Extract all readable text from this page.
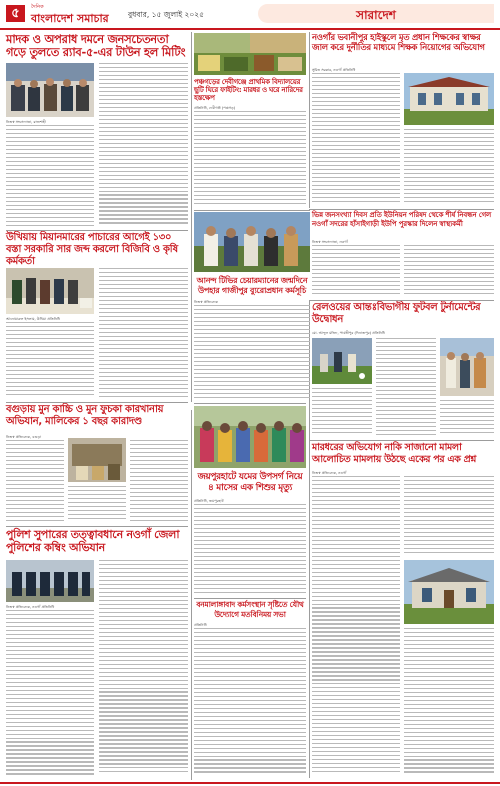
৫	দৈনিক
বাংলাদেশ সমাচার	বুধবার, ১৫ জুলাই ২০২৫	সারাদেশ
মাদক ও অপরাধ দমনে জনসচেতনতা গড়ে তুলতে র‍্যাব-৫-এর টাউন হল মিটিং
নিজস্ব সংবাদদাতা, রাজশাহী
পঞ্চগড়ের দেবীগঞ্জে প্রাথমিক বিদ্যালয়ের ছুটি ঘিরে ফাইটিং: মারধর ও ঘরে নারিদের হস্তক্ষেপ
প্রতিনিধি, দেবীগঞ্জ (পঞ্চগড়)
নওগাঁর ভবানীপুর হাইস্কুলে মৃত প্রধান শিক্ষকের স্বাক্ষর জাল করে দুর্নীতির মাধ্যমে শিক্ষক নিয়োগের অভিযোগ
সুমিত সরকার, নওগাঁ প্রতিনিধি
ভিন্ন জনসংখ্যা দিবস প্রতি ইউনিয়ন পরিষদ থেকে শীর্ষ নিবন্ধন গেল নওগাঁ সদরের হাঁসাইগাড়ী ইউপি পুরস্কার দিলেন স্বাস্থ্যকর্মী
নিজস্ব সংবাদদাতা, নওগাঁ
উখিয়ায় মিয়ানমারের পাচারের আগেই ১৩০ বস্তা সরকারি সার জব্দ করলো বিজিবি ও কৃষি কর্মকর্তা
আনোয়ারুল ইসলাম, উখিয়া প্রতিনিধি
আনন্দ টিভির চেয়ারম্যানের জন্মদিনে উপহার গাজীপুর ব্যুরোপ্রধান কর্মসূচি
নিজস্ব প্রতিবেদক	রেলওয়ের আন্তঃবিভাগীয় ফুটবল টুর্নামেন্টের উদ্বোধন
মো. আব্দুল মজিদ, পার্বতীপুর (দিনাজপুর) প্রতিনিধি
বগুড়ায় মুন কাচ্চি ও মুন ফুচকা কারখানায় অভিযান, মালিকের ১ বছর কারাদণ্ড
নিজস্ব প্রতিবেদক, বগুড়া
জয়পুরহাটে যমের উপসর্গ নিয়ে ৪ মাসের এক শিশুর মৃত্যু
প্রতিনিধি, জয়পুরহাট
মারধরের অভিযোগ নাকি সাজানো মামলা আলোচিত মামলায় উঠছে একের পর এক প্রশ্ন
নিজস্ব প্রতিবেদক, নওগাঁ
পুলিশ সুপারের তত্ত্বাবধানে নওগাঁ জেলা পুলিশের কম্বিং অভিযান
নিজস্ব প্রতিবেদক, নওগাঁ প্রতিনিধি	বনমালাঙ্গাবাদ কর্মসংস্থান সৃষ্টিতে যৌথ উদ্যোগে মতবিনিময় সভা
প্রতিনিধি
